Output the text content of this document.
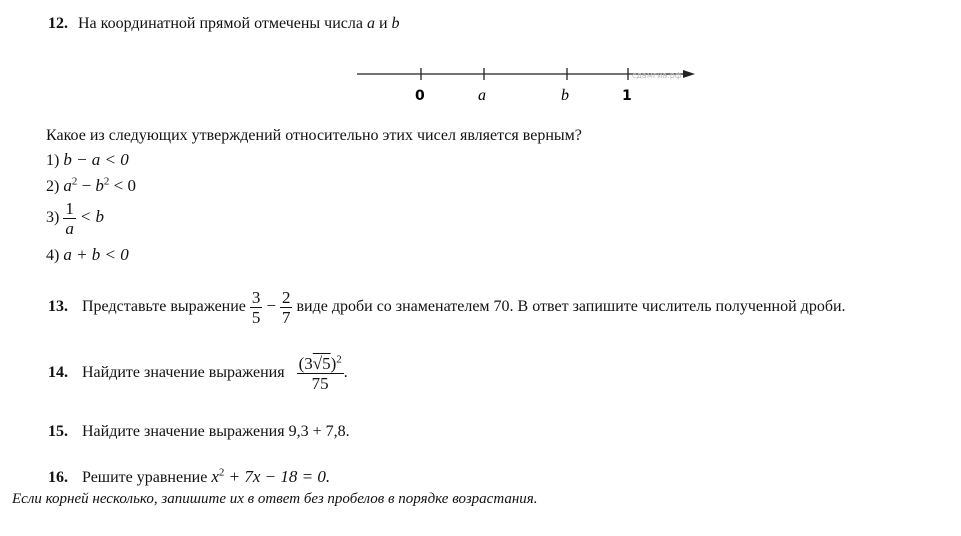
12. На координатной прямой отмечены числа a и b
сдамгиа.рф
0	a	b	1
Какое из следующих утверждений относительно этих чисел является верным?
1) b − a < 0
2) $a^2 - b^2 < 0$
$3) \frac{1}{a} < b$
4) a + b < 0
13. Представьте выражение $\frac{3}{5} - \frac{2}{7}$ виде дроби со знаменателем 70. В ответ запишите числитель полученной дроби.
14. Найдите значение выражения $\frac{(3√5)^2}{75}$ .
15. Найдите значение выражения 9,3 + 7,8.
16. Решите уравнение $x^2 + 7x - 18 = 0$.
Если корней несколько, запишите их в ответ без пробелов в порядке возрастания.
